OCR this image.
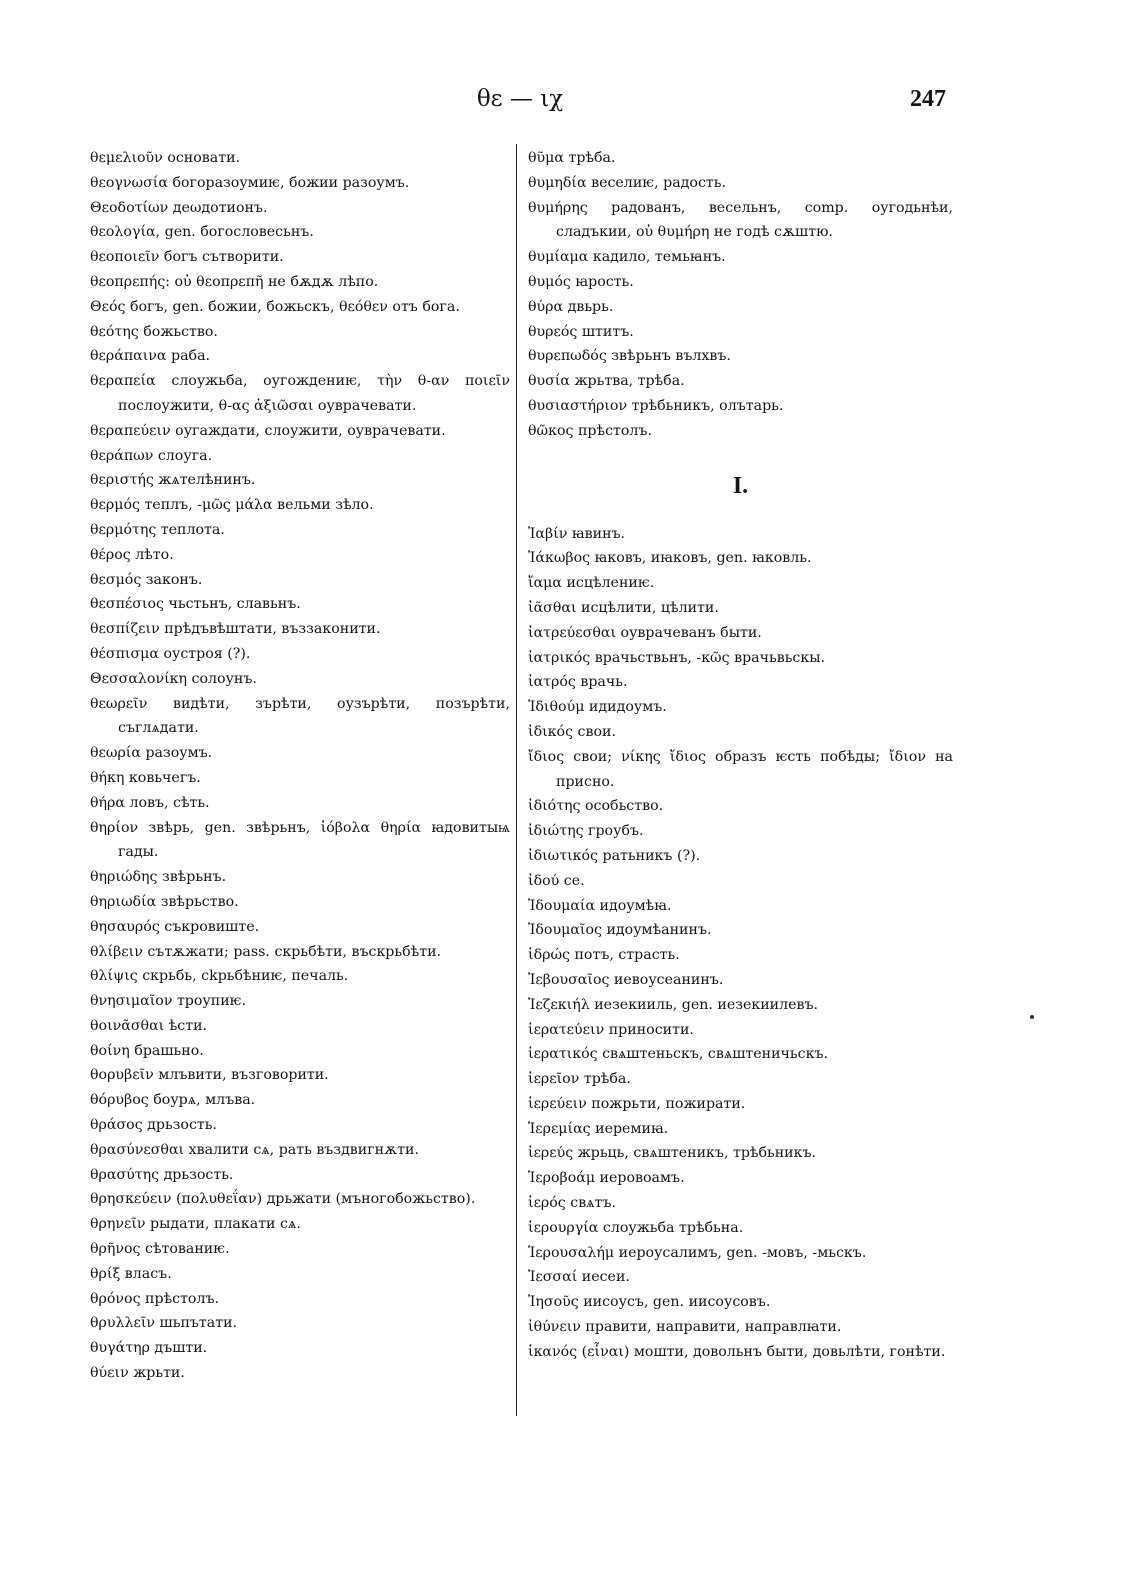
θε — ιχ	247
θεμελιοῦν основати.
θεογνωσία богоразоумиѥ, божии разоумъ.
Θεοδοτίων деωдотионъ.
θεολογία, gen. богословесьнъ.
θεοποιεῖν богъ сътворити.
θεοπρεπής: οὐ θεοπρεπῆ не бѫдѫ лѣпо.
Θεός богъ, gen. божии, божьскъ, θεόθεν отъ бога.
θεότης божьство.
θεράπαινα рабa.
θεραπεία слоужьба, оугождениѥ, τὴν θ-αν ποιεῖν послоужити, θ-ας ἀξιῶσαι оуврачевати.
θεραπεύειν оугаждати, слоужити, оуврачевати.
θεράπων слоуга.
θεριστής жѧтелѣнинъ.
θερμός теплъ, -μῶς μάλα вельми зѣло.
θερμότης теплота.
θέρος лѣто.
θεσμός законъ.
θεσπέσιος чьстьнъ, славьнъ.
θεσπίζειν прѣдъвѣштати, въззаконити.
θέσπισμα оустроя (?).
Θεσσαλονίκη солоунъ.
θεωρεῖν видѣти, зърѣти, оузърѣти, позърѣти, съглѧдати.
θεωρία разоумъ.
θήκη ковьчегъ.
θήρα ловъ, сѣть.
θηρίον звѣрь, gen. звѣрьнъ, ἰόβολα θηρία ꙗдовитыѩ гады.
θηριώδης звѣрьнъ.
θηριωδία звѣрьство.
θησαυρός съкровиште.
θλίβειν сътѫжати; pass. скрьбѣти, въскрьбѣти.
θλίψις скрьбь, сkрьбѣниѥ, печаль.
θνησιμαῖον троупиѥ.
θοινᾶσθαι ѣсти.
θοίνη брашьно.
θορυβεῖν млъвити, възговорити.
θόρυβος боурѧ, млъва.
θράσος дрьзость.
θρασύνεσθαι хвалити сѧ, рать въздвигнѫти.
θρασύτης дрьзость.
θρησκεύειν (πολυθεΐαν) дрьжати (мъногобожьство).
θρηνεῖν рыдати, плакати сѧ.
θρῆνος сѣтованиѥ.
θρίξ власъ.
θρόνος прѣстолъ.
θρυλλεῖν шьпътати.
θυγάτηρ дъшти.
θύειν жрьти.
θῦμα трѣба.
θυμηδία веселиѥ, радость.
θυμήρης радованъ, весельнъ, comp. оугодьнѣи, сладъкии, οὐ θυμήρη не годѣ сѫштю.
θυμίαμα кадило, темьꙗнъ.
θυμός ꙗрость.
θύρα двьрь.
θυρεός штитъ.
θυρεπωδός звѣрьнъ вълхвъ.
θυσία жрьтва, трѣба.
θυσιαστήριον трѣбьникъ, олътарь.
θῶκος прѣстолъ.
I.
Ἰαβίν ꙗвинъ.
Ἰάκωβος ꙗковъ, иꙗковъ, gen. ꙗковль.
ἴαμα исцѣлениѥ.
ἰᾶσθαι исцѣлити, цѣлити.
ἰατρεύεσθαι оуврачеванъ быти.
ἰατρικός врачьствьнъ, -κῶς врачьвьскы.
ἰατρός врачь.
Ἰδιθούμ идидоумъ.
ἰδικός свои.
ἴδιος свои; νίκης ἴδιος образъ ѥсть побѣды; ἴδιον на присно.
ἰδιότης особьство.
ἰδιώτης гроубъ.
ἰδιωτικός ратьникъ (?).
ἰδού се.
Ἰδουμαία идоумѣꙗ.
Ἰδουμαῖος идоумѣанинъ.
ἱδρώς потъ, страсть.
Ἰεβουσαῖος иевоусеанинъ.
Ἰεζεκιήλ иезекииль, gen. иезекиилевъ.
ἱερατεύειν приносити.
ἱερατικός свѧштеньскъ, свѧштеничьскъ.
ἱερεῖον трѣба.
ἱερεύειν пожрьти, пожирати.
Ἱερεμίας иеремиꙗ.
ἱερεύς жрьць, свѧштеникъ, трѣбьникъ.
Ἱεροβοάμ иеровоамъ.
ἱερός свѧтъ.
ἱερουργία слоужьба трѣбьна.
Ἱερουσαλήμ иероусалимъ, gen. -мовъ, -мьскъ.
Ἰεσσαί иесеи.
Ἰησοῦς иисоусъ, gen. иисоусовъ.
ἰθύνειν правити, направити, направлꙗти.
ἱκανός (εἶναι) мошти, довольнъ быти, довьлѣти, гонѣти.
